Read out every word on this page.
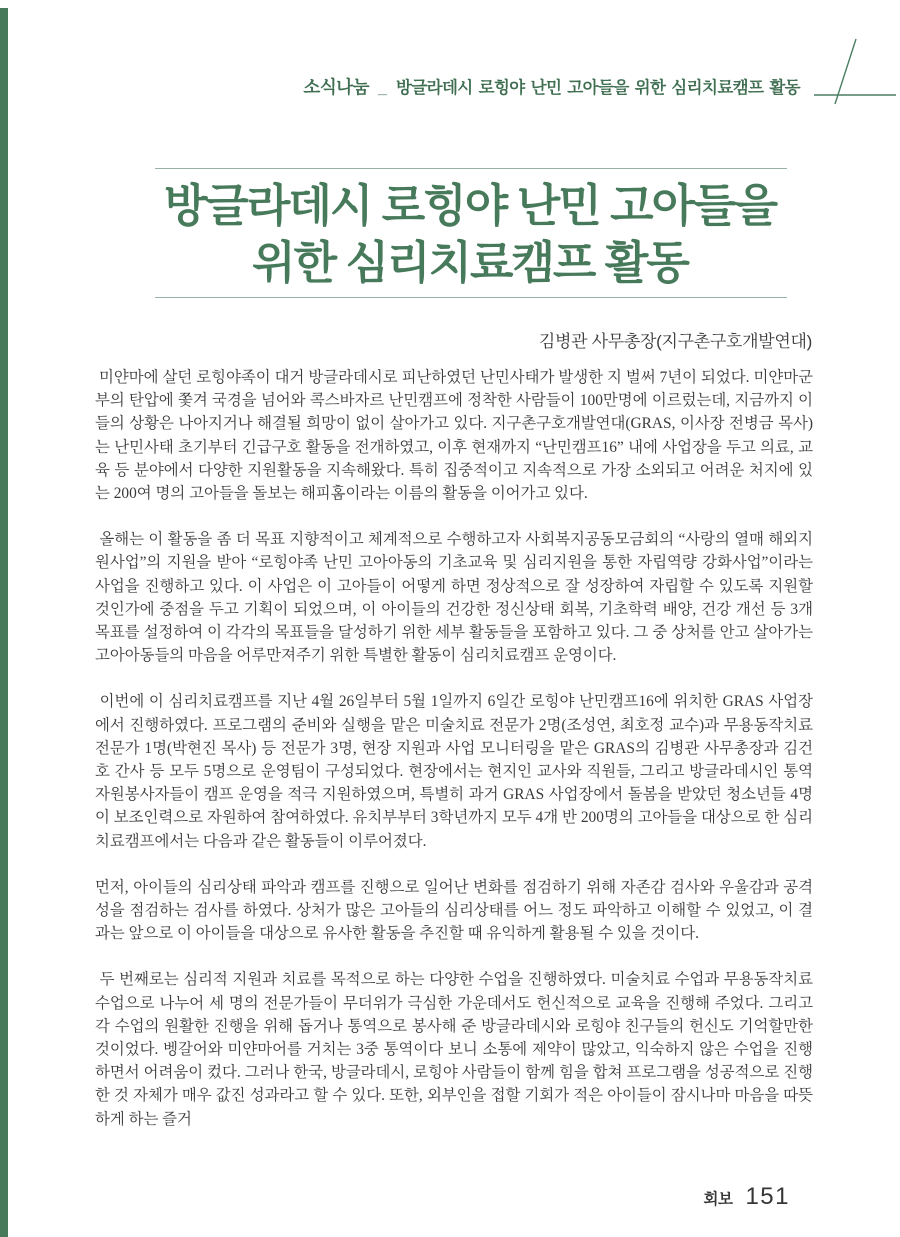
소식나눔 _ 방글라데시 로힝야 난민 고아들을 위한 심리치료캠프 활동
방글라데시 로힝야 난민 고아들을
위한 심리치료캠프 활동
김병관 사무총장(지구촌구호개발연대)

미얀마에 살던 로힝야족이 대거 방글라데시로 피난하였던 난민사태가 발생한 지 벌써 7년이 되었다. 미얀마군부의 탄압에 쫓겨 국경을 넘어와 콕스바자르 난민캠프에 정착한 사람들이 100만명에 이르렀는데, 지금까지 이들의 상황은 나아지거나 해결될 희망이 없이 살아가고 있다. 지구촌구호개발연대(GRAS, 이사장 전병금 목사)는 난민사태 초기부터 긴급구호 활동을 전개하였고, 이후 현재까지 “난민캠프16” 내에 사업장을 두고 의료, 교육 등 분야에서 다양한 지원활동을 지속해왔다. 특히 집중적이고 지속적으로 가장 소외되고 어려운 처지에 있는 200여 명의 고아들을 돌보는 해피홈이라는 이름의 활동을 이어가고 있다.

올해는 이 활동을 좀 더 목표 지향적이고 체계적으로 수행하고자 사회복지공동모금회의 “사랑의 열매 해외지원사업”의 지원을 받아 “로힝야족 난민 고아아동의 기초교육 및 심리지원을 통한 자립역량 강화사업”이라는 사업을 진행하고 있다. 이 사업은 이 고아들이 어떻게 하면 정상적으로 잘 성장하여 자립할 수 있도록 지원할 것인가에 중점을 두고 기획이 되었으며, 이 아이들의 건강한 정신상태 회복, 기초학력 배양, 건강 개선 등 3개 목표를 설정하여 이 각각의 목표들을 달성하기 위한 세부 활동들을 포함하고 있다. 그 중 상처를 안고 살아가는 고아아동들의 마음을 어루만져주기 위한 특별한 활동이 심리치료캠프 운영이다.

이번에 이 심리치료캠프를 지난 4월 26일부터 5월 1일까지 6일간 로힝야 난민캠프16에 위치한 GRAS 사업장에서 진행하였다. 프로그램의 준비와 실행을 맡은 미술치료 전문가 2명(조성연, 최호정 교수)과 무용동작치료 전문가 1명(박현진 목사) 등 전문가 3명, 현장 지원과 사업 모니터링을 맡은 GRAS의 김병관 사무총장과 김건호 간사 등 모두 5명으로 운영팀이 구성되었다. 현장에서는 현지인 교사와 직원들, 그리고 방글라데시인 통역 자원봉사자들이 캠프 운영을 적극 지원하였으며, 특별히 과거 GRAS 사업장에서 돌봄을 받았던 청소년들 4명이 보조인력으로 자원하여 참여하였다. 유치부부터 3학년까지 모두 4개 반 200명의 고아들을 대상으로 한 심리치료캠프에서는 다음과 같은 활동들이 이루어졌다.

먼저, 아이들의 심리상태 파악과 캠프를 진행으로 일어난 변화를 점검하기 위해 자존감 검사와 우울감과 공격성을 점검하는 검사를 하였다. 상처가 많은 고아들의 심리상태를 어느 정도 파악하고 이해할 수 있었고, 이 결과는 앞으로 이 아이들을 대상으로 유사한 활동을 추진할 때 유익하게 활용될 수 있을 것이다.

두 번째로는 심리적 지원과 치료를 목적으로 하는 다양한 수업을 진행하였다. 미술치료 수업과 무용동작치료 수업으로 나누어 세 명의 전문가들이 무더위가 극심한 가운데서도 헌신적으로 교육을 진행해 주었다. 그리고 각 수업의 원활한 진행을 위해 돕거나 통역으로 봉사해 준 방글라데시와 로힝야 친구들의 헌신도 기억할만한 것이었다. 벵갈어와 미얀마어를 거치는 3중 통역이다 보니 소통에 제약이 많았고, 익숙하지 않은 수업을 진행하면서 어려움이 컸다. 그러나 한국, 방글라데시, 로힝야 사람들이 함께 힘을 합쳐 프로그램을 성공적으로 진행한 것 자체가 매우 값진 성과라고 할 수 있다. 또한, 외부인을 접할 기회가 적은 아이들이 잠시나마 마음을 따뜻하게 하는 즐거

회보 151
